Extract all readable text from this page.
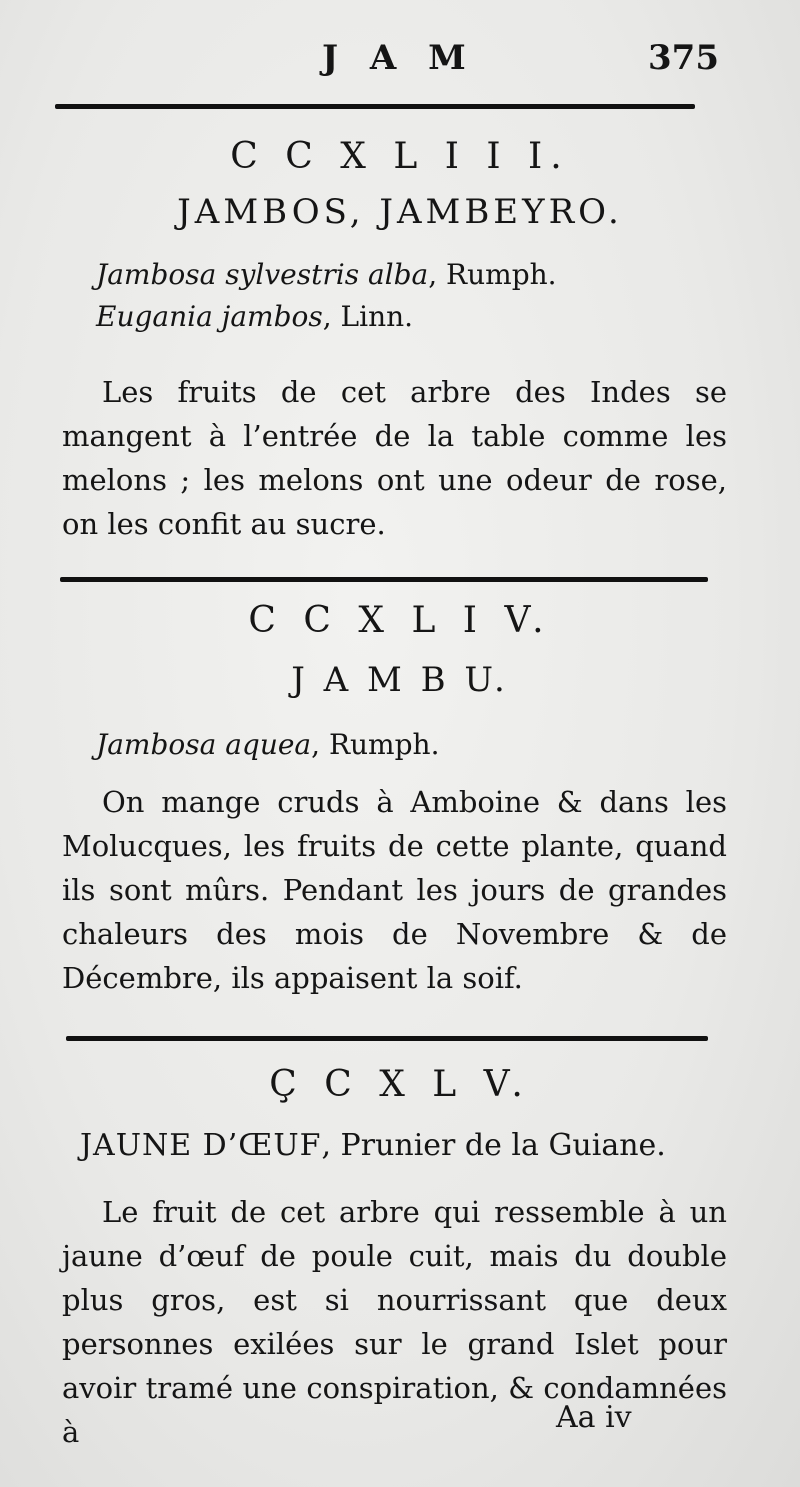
J A M	375
C C X L I I I.
JAMBOS, JAMBEYRO.
Jambosa sylvestris alba, Rumph.
Eugania jambos, Linn.
Les fruits de cet arbre des Indes se mangent à l’entrée de la table comme les melons ; les melons ont une odeur de rose, on les confit au sucre.
C C X L I V.
J A M B U.
Jambosa aquea, Rumph.
On mange cruds à Amboine & dans les Molucques, les fruits de cette plante, quand ils sont mûrs. Pendant les jours de grandes chaleurs des mois de Novembre & de Décembre, ils appaisent la soif.
Ç C X L V.
JAUNE D’ŒUF, Prunier de la Guiane.
Le fruit de cet arbre qui ressemble à un jaune d’œuf de poule cuit, mais du double plus gros, est si nourrissant que deux personnes exilées sur le grand Islet pour avoir tramé une conspiration, & condamnées à	Aa iv
